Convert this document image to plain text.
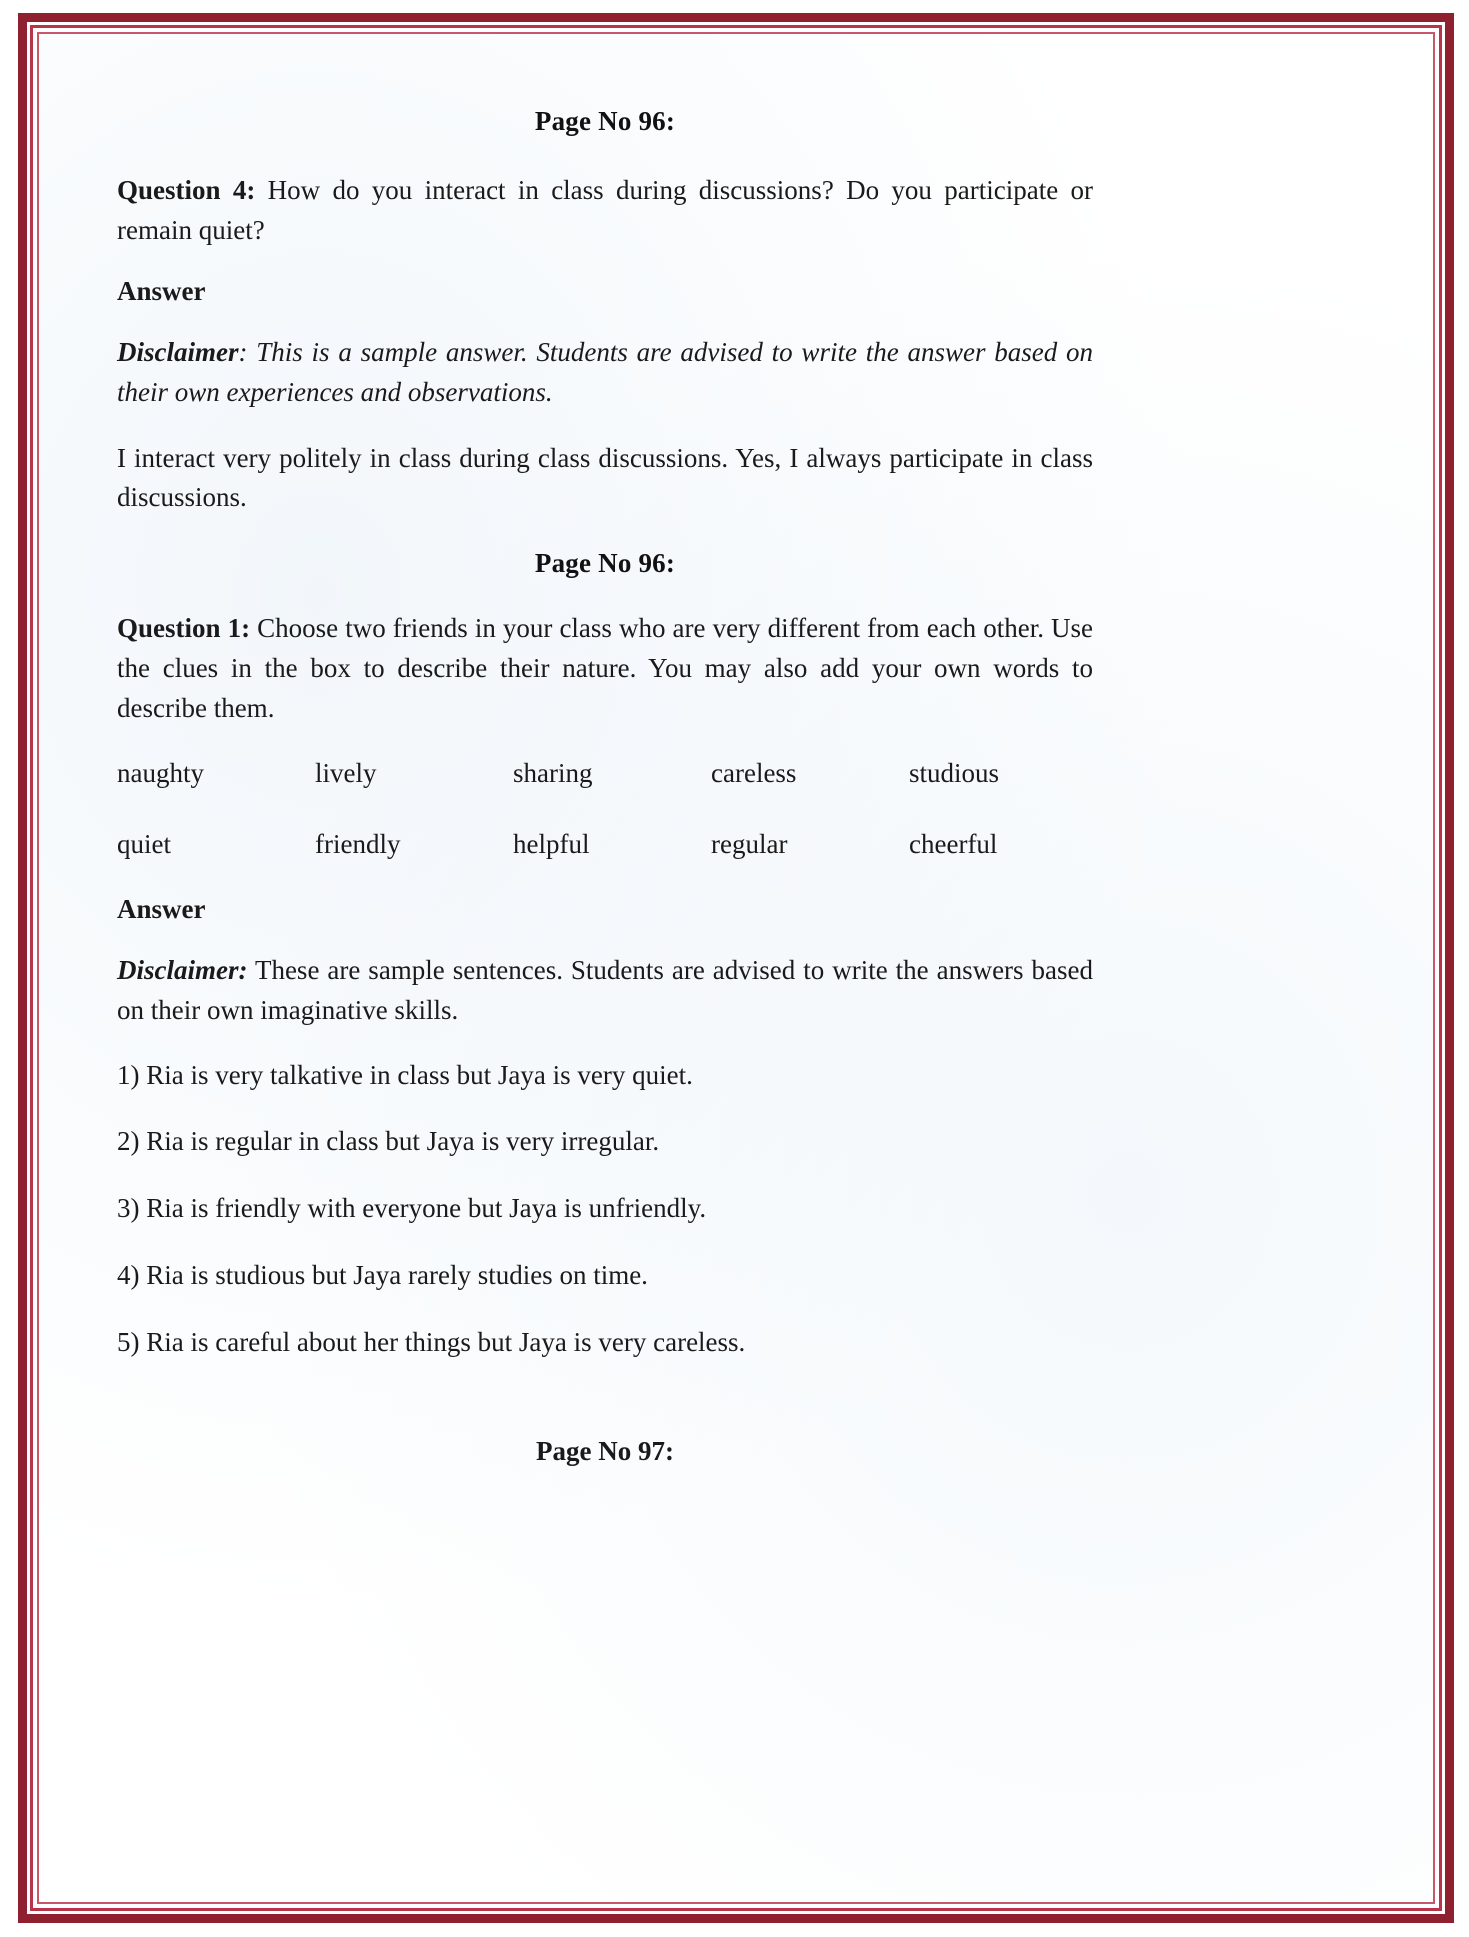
Page No 96:

Question 4: How do you interact in class during discussions? Do you participate or remain quiet?

Answer

Disclaimer: This is a sample answer. Students are advised to write the answer based on their own experiences and observations.

I interact very politely in class during class discussions. Yes, I always participate in class discussions.

Page No 96:

Question 1: Choose two friends in your class who are very different from each other. Use the clues in the box to describe their nature. You may also add your own words to describe them.

naughty	lively	sharing	careless	studious
quiet	friendly	helpful	regular	cheerful
Answer

Disclaimer: These are sample sentences. Students are advised to write the answers based on their own imaginative skills.

1) Ria is very talkative in class but Jaya is very quiet.
2) Ria is regular in class but Jaya is very irregular.
3) Ria is friendly with everyone but Jaya is unfriendly.
4) Ria is studious but Jaya rarely studies on time.
5) Ria is careful about her things but Jaya is very careless.
Page No 97:
